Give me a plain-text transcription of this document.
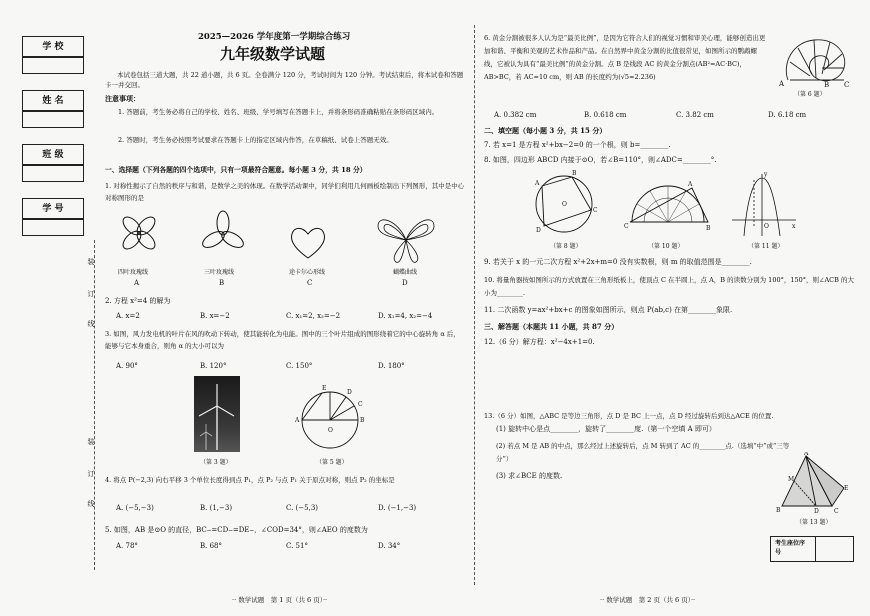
学 校
姓 名
班 级
学 号
装
订
线
装
订
线
2025—2026 学年度第一学期综合练习
九年级数学试题
本试卷包括三道大题，共 22 道小题，共 6 页。全卷满分 120 分，考试时间为 120 分钟。考试结束后，将本试卷和答题卡一并交回。
注意事项：
1. 答题前，考生务必将自己的学校、姓名、班级、学号填写在答题卡上，并将条形码准确粘贴在条形码区域内。
2. 答题时，考生务必按照考试要求在答题卡上的指定区域内作答，在草稿纸、试卷上答题无效。
一、选择题（下列各题的四个选项中，只有一项最符合题意。每小题 3 分，共 18 分）
1. 对称性揭示了自然的秩序与和谐，是数学之美的体现。在数学活动课中，同学们利用几何画板绘制出下列图形，其中是中心对称图形的是
四叶玫瑰线
A
三叶玫瑰线
B
途卡尔心形线
C
蝴蝶曲线
D
2. 方程 x²=4 的解为
A. x=2	B. x=−2	C. x₁=2, x₂=−2	D. x₁=4, x₂=−4
3. 如图，风力发电机的叶片在风的吹动下转动，使其能转化为电能。图中的三个叶片组成的图形绕着它的中心旋转角 α 后，能够与它本身重合，则角 α 的大小可以为
A. 90°	B. 120°	C. 150°	D. 180°
（第 3 题）
A	B
O
C
D
E
（第 5 题）
4. 将点 P(−2,3) 向右平移 3 个单位长度得到点 P₁，点 P₂ 与点 P₁ 关于原点对称，则点 P₂ 的坐标是
A. (−5,−3)	B. (1,−3)	C. (−5,3)	D. (−1,−3)
5. 如图，AB 是⊙O 的直径，BC⌢=CD⌢=DE⌢，∠COD=34°，则∠AEO 的度数为
A. 78°	B. 68°	C. 51°	D. 34°
·· 数学试题　第 1 页（共 6 页）··
6. 黄金分割被很多人认为是“最美比例”，是因为它符合人们的视觉习惯和审美心理，能够创造出更加和谐、平衡和美观的艺术作品和产品。在自然界中黄金分割的比值很常见，如图所示的鹦鹉螺线，它被认为具有“最美比例”的黄金分割。点 B 是线段 AC 的黄金分割点(AB²=AC·BC)，AB>BC，若 AC=10 cm，则 AB 的长度约为(√5≈2.236)
A	B C
（第 6 题）
A. 0.382 cm	B. 0.618 cm	C. 3.82 cm	D. 6.18 cm
二、填空题（每小题 3 分，共 15 分）
7. 若 x=1 是方程 x²+bx−2=0 的一个根，则 b=________.
8. 如图，四边形 ABCD 内接于⊙O，若∠B=110°，则∠ADC=________°.
A
B
C
D
O
（第 8 题）
C
A
B
（第 10 题）
y
x
O
（第 11 题）
9. 若关于 x 的一元二次方程 x²+2x+m=0 没有实数根，则 m 的取值范围是________.
10. 将量角器按如图所示的方式放置在三角形纸板上，使顶点 C 在半圆上，点 A，B 的读数分别为 100°，150°，则∠ACB 的大小为________.
11. 二次函数 y=ax²+bx+c 的图象如图所示，则点 P(ab,c) 在第________象限.
三、解答题（本题共 11 小题，共 87 分）
12.（6 分）解方程：x²−4x+1=0.
13.（6 分）如图，△ABC 是等边三角形，点 D 是 BC 上一点，点 D 经过旋转后到达△ACE 的位置.
(1) 旋转中心是点________，旋转了________度.（第一个空填 A 即可）
(2) 若点 M 是 AB 的中点，那么经过上述旋转后，点 M 转到了 AC 的________点.（选填“中”或“三等分”）
(3) 求∠BCE 的度数.
A
B	D	C
E
M
（第 13 题）
考生座位序号
·· 数学试题　第 2 页（共 6 页）··
